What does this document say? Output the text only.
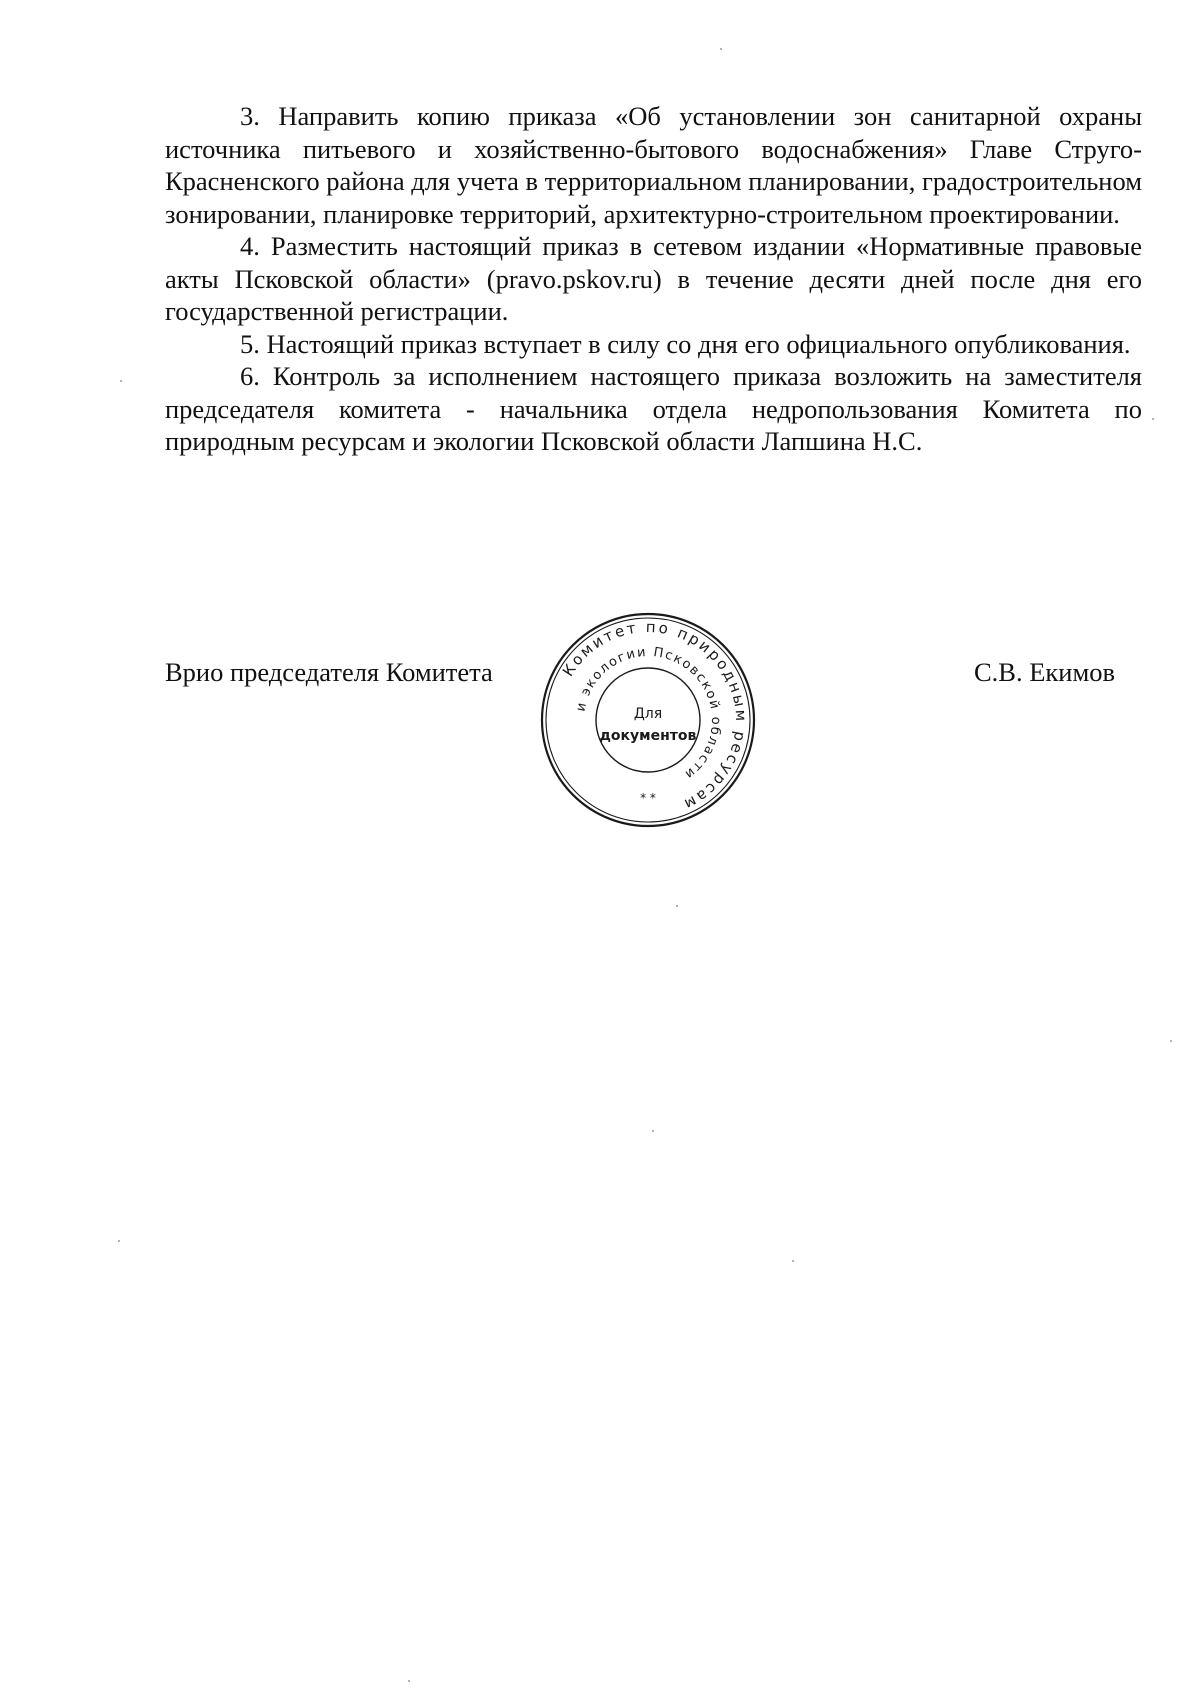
3. Направить копию приказа «Об установлении зон санитарной охраны источника питьевого и хозяйственно-бытового водоснабжения» Главе Струго-Красненского района для учета в территориальном планировании, градостроительном зонировании, планировке территорий, архитектурно-строительном проектировании.

4. Разместить настоящий приказ в сетевом издании «Нормативные правовые акты Псковской области» (pravo.pskov.ru) в течение десяти дней после дня его государственной регистрации.

5. Настоящий приказ вступает в силу со дня его официального опубликования.

6. Контроль за исполнением настоящего приказа возложить на заместителя председателя комитета - начальника отдела недропользования Комитета по природным ресурсам и экологии Псковской области Лапшина Н.С.

Врио председателя Комитета	С.В. Екимов
Комитет по природным ресурсам
и экологии Псковской области
Для
документов
* *
